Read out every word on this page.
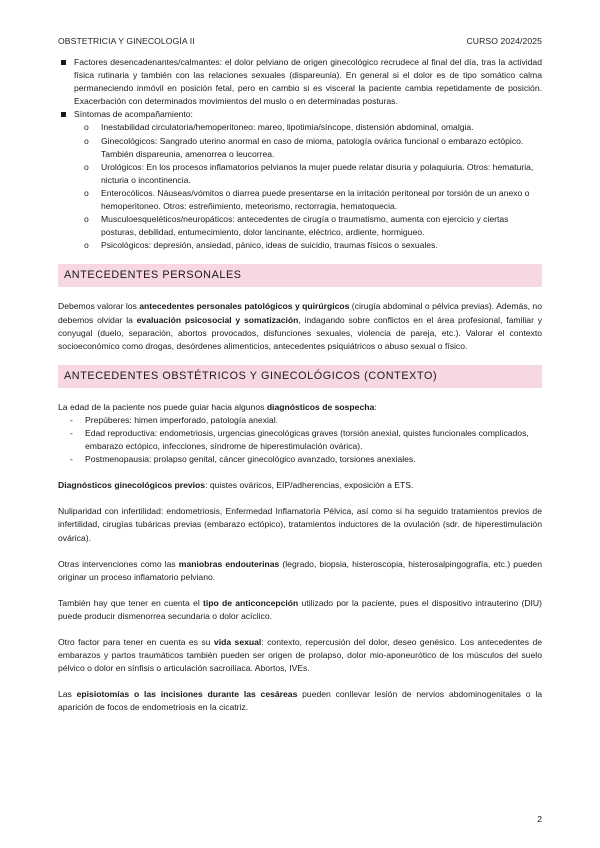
OBSTETRICIA Y GINECOLOGÍA II	CURSO 2024/2025
Factores desencadenantes/calmantes: el dolor pelviano de origen ginecológico recrudece al final del día, tras la actividad física rutinaria y también con las relaciones sexuales (dispareunia). En general si el dolor es de tipo somático calma permaneciendo inmóvil en posición fetal, pero en cambio si es visceral la paciente cambia repetidamente de posición. Exacerbación con determinados movimientos del muslo o en determinadas posturas.
Síntomas de acompañamiento:
o Inestabilidad circulatoria/hemoperitoneo: mareo, lipotimia/síncope, distensión abdominal, omalgia.
o Ginecológicos: Sangrado uterino anormal en caso de mioma, patología ovárica funcional o embarazo ectópico. También dispareunia, amenorrea o leucorrea.
o Urológicos: En los procesos inflamatorios pelvianos la mujer puede relatar disuria y polaquiuria. Otros: hematuria, nicturia o incontinencia.
o Enterocólicos. Náuseas/vómitos o diarrea puede presentarse en la irritación peritoneal por torsión de un anexo o hemoperitoneo. Otros: estreñimiento, meteorismo, rectorragia, hematoquecia.
o Musculoesqueléticos/neuropáticos: antecedentes de cirugía o traumatismo, aumenta con ejercicio y ciertas posturas, debilidad, entumecimiento, dolor lancinante, eléctrico, ardiente, hormigueo.
o Psicológicos: depresión, ansiedad, pánico, ideas de suicidio, traumas físicos o sexuales.
ANTECEDENTES PERSONALES

Debemos valorar los antecedentes personales patológicos y quirúrgicos (cirugía abdominal o pélvica previas). Además, no debemos olvidar la evaluación psicosocial y somatización, indagando sobre conflictos en el área profesional, familiar y conyugal (duelo, separación, abortos provocados, disfunciones sexuales, violencia de pareja, etc.). Valorar el contexto socioeconómico como drogas, desórdenes alimenticios, antecedentes psiquiátricos o abuso sexual o físico.

ANTECEDENTES OBSTÉTRICOS Y GINECOLÓGICOS (CONTEXTO)

La edad de la paciente nos puede guiar hacia algunos diagnósticos de sospecha:

- Prepúberes: himen imperforado, patología anexial.
- Edad reproductiva: endometriosis, urgencias ginecológicas graves (torsión anexial, quistes funcionales complicados, embarazo ectópico, infecciones, síndrome de hiperestimulación ovárica).
- Postmenopausia: prolapso genital, cáncer ginecológico avanzado, torsiones anexiales.

Diagnósticos ginecológicos previos: quistes ováricos, EIP/adherencias, exposición a ETS.

Nuliparidad con infertilidad: endometriosis, Enfermedad Inflamatoria Pélvica, así como si ha seguido tratamientos previos de infertilidad, cirugías tubáricas previas (embarazo ectópico), tratamientos inductores de la ovulación (sdr. de hiperestimulación ovárica).

Otras intervenciones como las maniobras endouterinas (legrado, biopsia, histeroscopia, histerosalpingografía, etc.) pueden originar un proceso inflamatorio pelviano.

También hay que tener en cuenta el tipo de anticoncepción utilizado por la paciente, pues el dispositivo intrauterino (DIU) puede producir dismenorrea secundaria o dolor acíclico.

Otro factor para tener en cuenta es su vida sexual: contexto, repercusión del dolor, deseo genésico. Los antecedentes de embarazos y partos traumáticos también pueden ser origen de prolapso, dolor mio-aponeurótico de los músculos del suelo pélvico o dolor en sínfisis o articulación sacroilíaca. Abortos, IVEs.

Las episiotomías o las incisiones durante las cesáreas pueden conllevar lesión de nervios abdominogenitales o la aparición de focos de endometriosis en la cicatriz.

2
